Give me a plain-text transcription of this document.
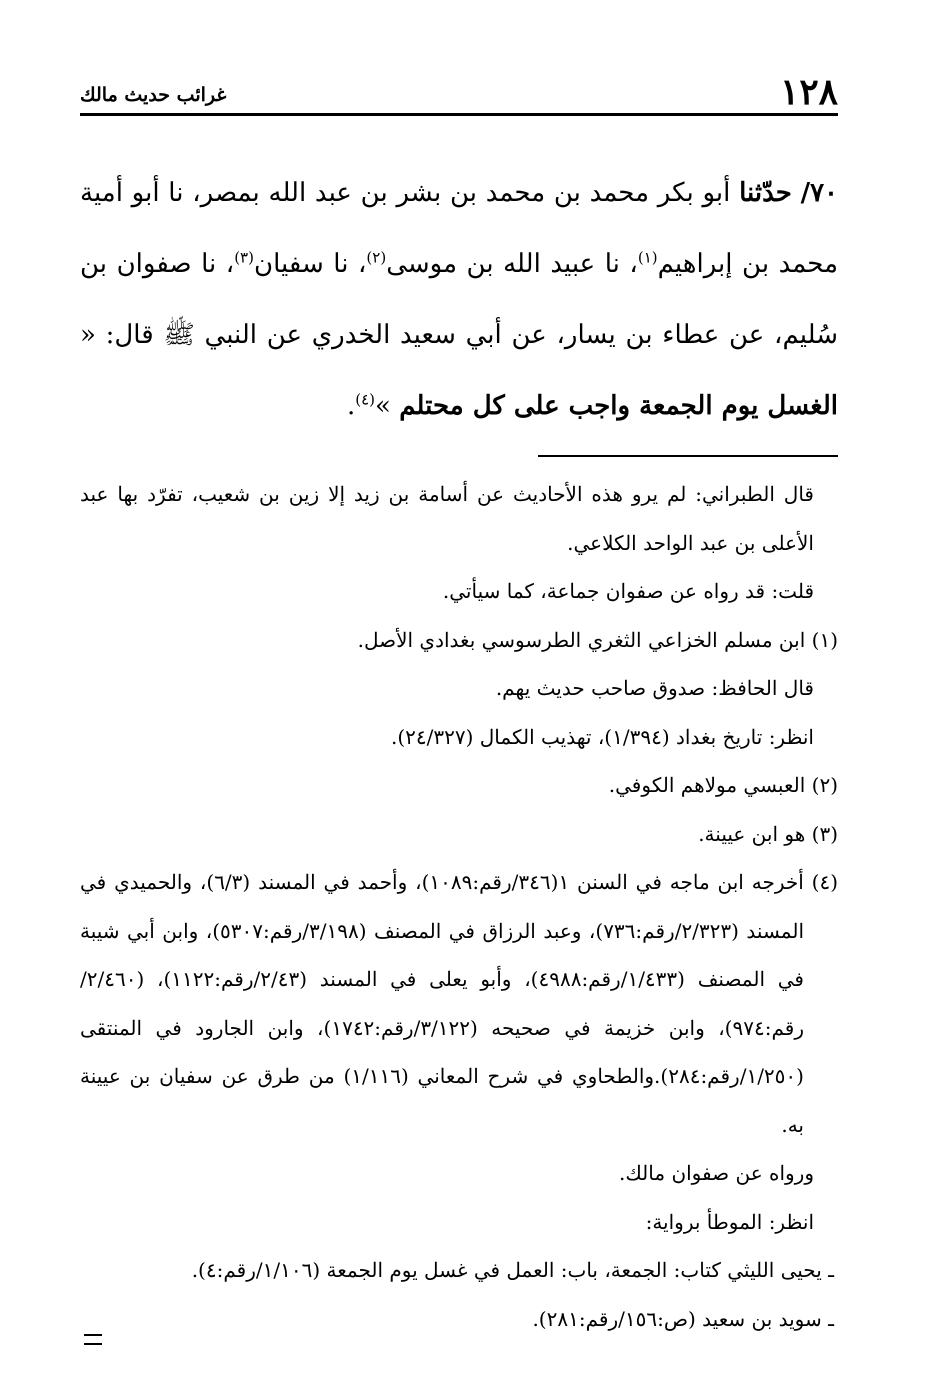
١٢٨
غرائب حديث مالك

٧٠/ حدّثنا أبو بكر محمد بن محمد بن بشر بن عبد الله بمصر، نا أبو أمية محمد بن إبراهيم$^{(١)}$، نا عبيد الله بن موسى$^{(٢)}$، نا سفيان$^{(٣)}$، نا صفوان بن سُليم، عن عطاء بن يسار، عن أبي سعيد الخدري عن النبي ﷺ قال: « الغسل يوم الجمعة واجب على كل محتلم »$^{(٤)}$.

قال الطبراني: لم يرو هذه الأحاديث عن أسامة بن زيد إلا زين بن شعيب، تفرّد بها عبد الأعلى بن عبد الواحد الكلاعي.

قلت: قد رواه عن صفوان جماعة، كما سيأتي.

(١) ابن مسلم الخزاعي الثغري الطرسوسي بغدادي الأصل.

قال الحافظ: صدوق صاحب حديث يهم.

انظر: تاريخ بغداد (١/٣٩٤)، تهذيب الكمال (٢٤/٣٢٧).

(٢) العبسي مولاهم الكوفي.

(٣) هو ابن عيينة.

(٤) أخرجه ابن ماجه في السنن ١(٣٤٦/رقم:١٠٨٩)، وأحمد في المسند (٦/٣)، والحميدي في المسند (٢/٣٢٣/رقم:٧٣٦)، وعبد الرزاق في المصنف (٣/١٩٨/رقم:٥٣٠٧)، وابن أبي شيبة في المصنف (١/٤٣٣/رقم:٤٩٨٨)، وأبو يعلى في المسند (٢/٤٣/رقم:١١٢٢)، (٢/٤٦٠/رقم:٩٧٤)، وابن خزيمة في صحيحه (٣/١٢٢/رقم:١٧٤٢)، وابن الجارود في المنتقى (١/٢٥٠/رقم:٢٨٤).والطحاوي في شرح المعاني (١/١١٦) من طرق عن سفيان بن عيينة به.

ورواه عن صفوان مالك.

انظر: الموطأ برواية:

ـ يحيى الليثي كتاب: الجمعة، باب: العمل في غسل يوم الجمعة (١/١٠٦/رقم:٤).

ـ سويد بن سعيد (ص:١٥٦/رقم:٢٨١).
